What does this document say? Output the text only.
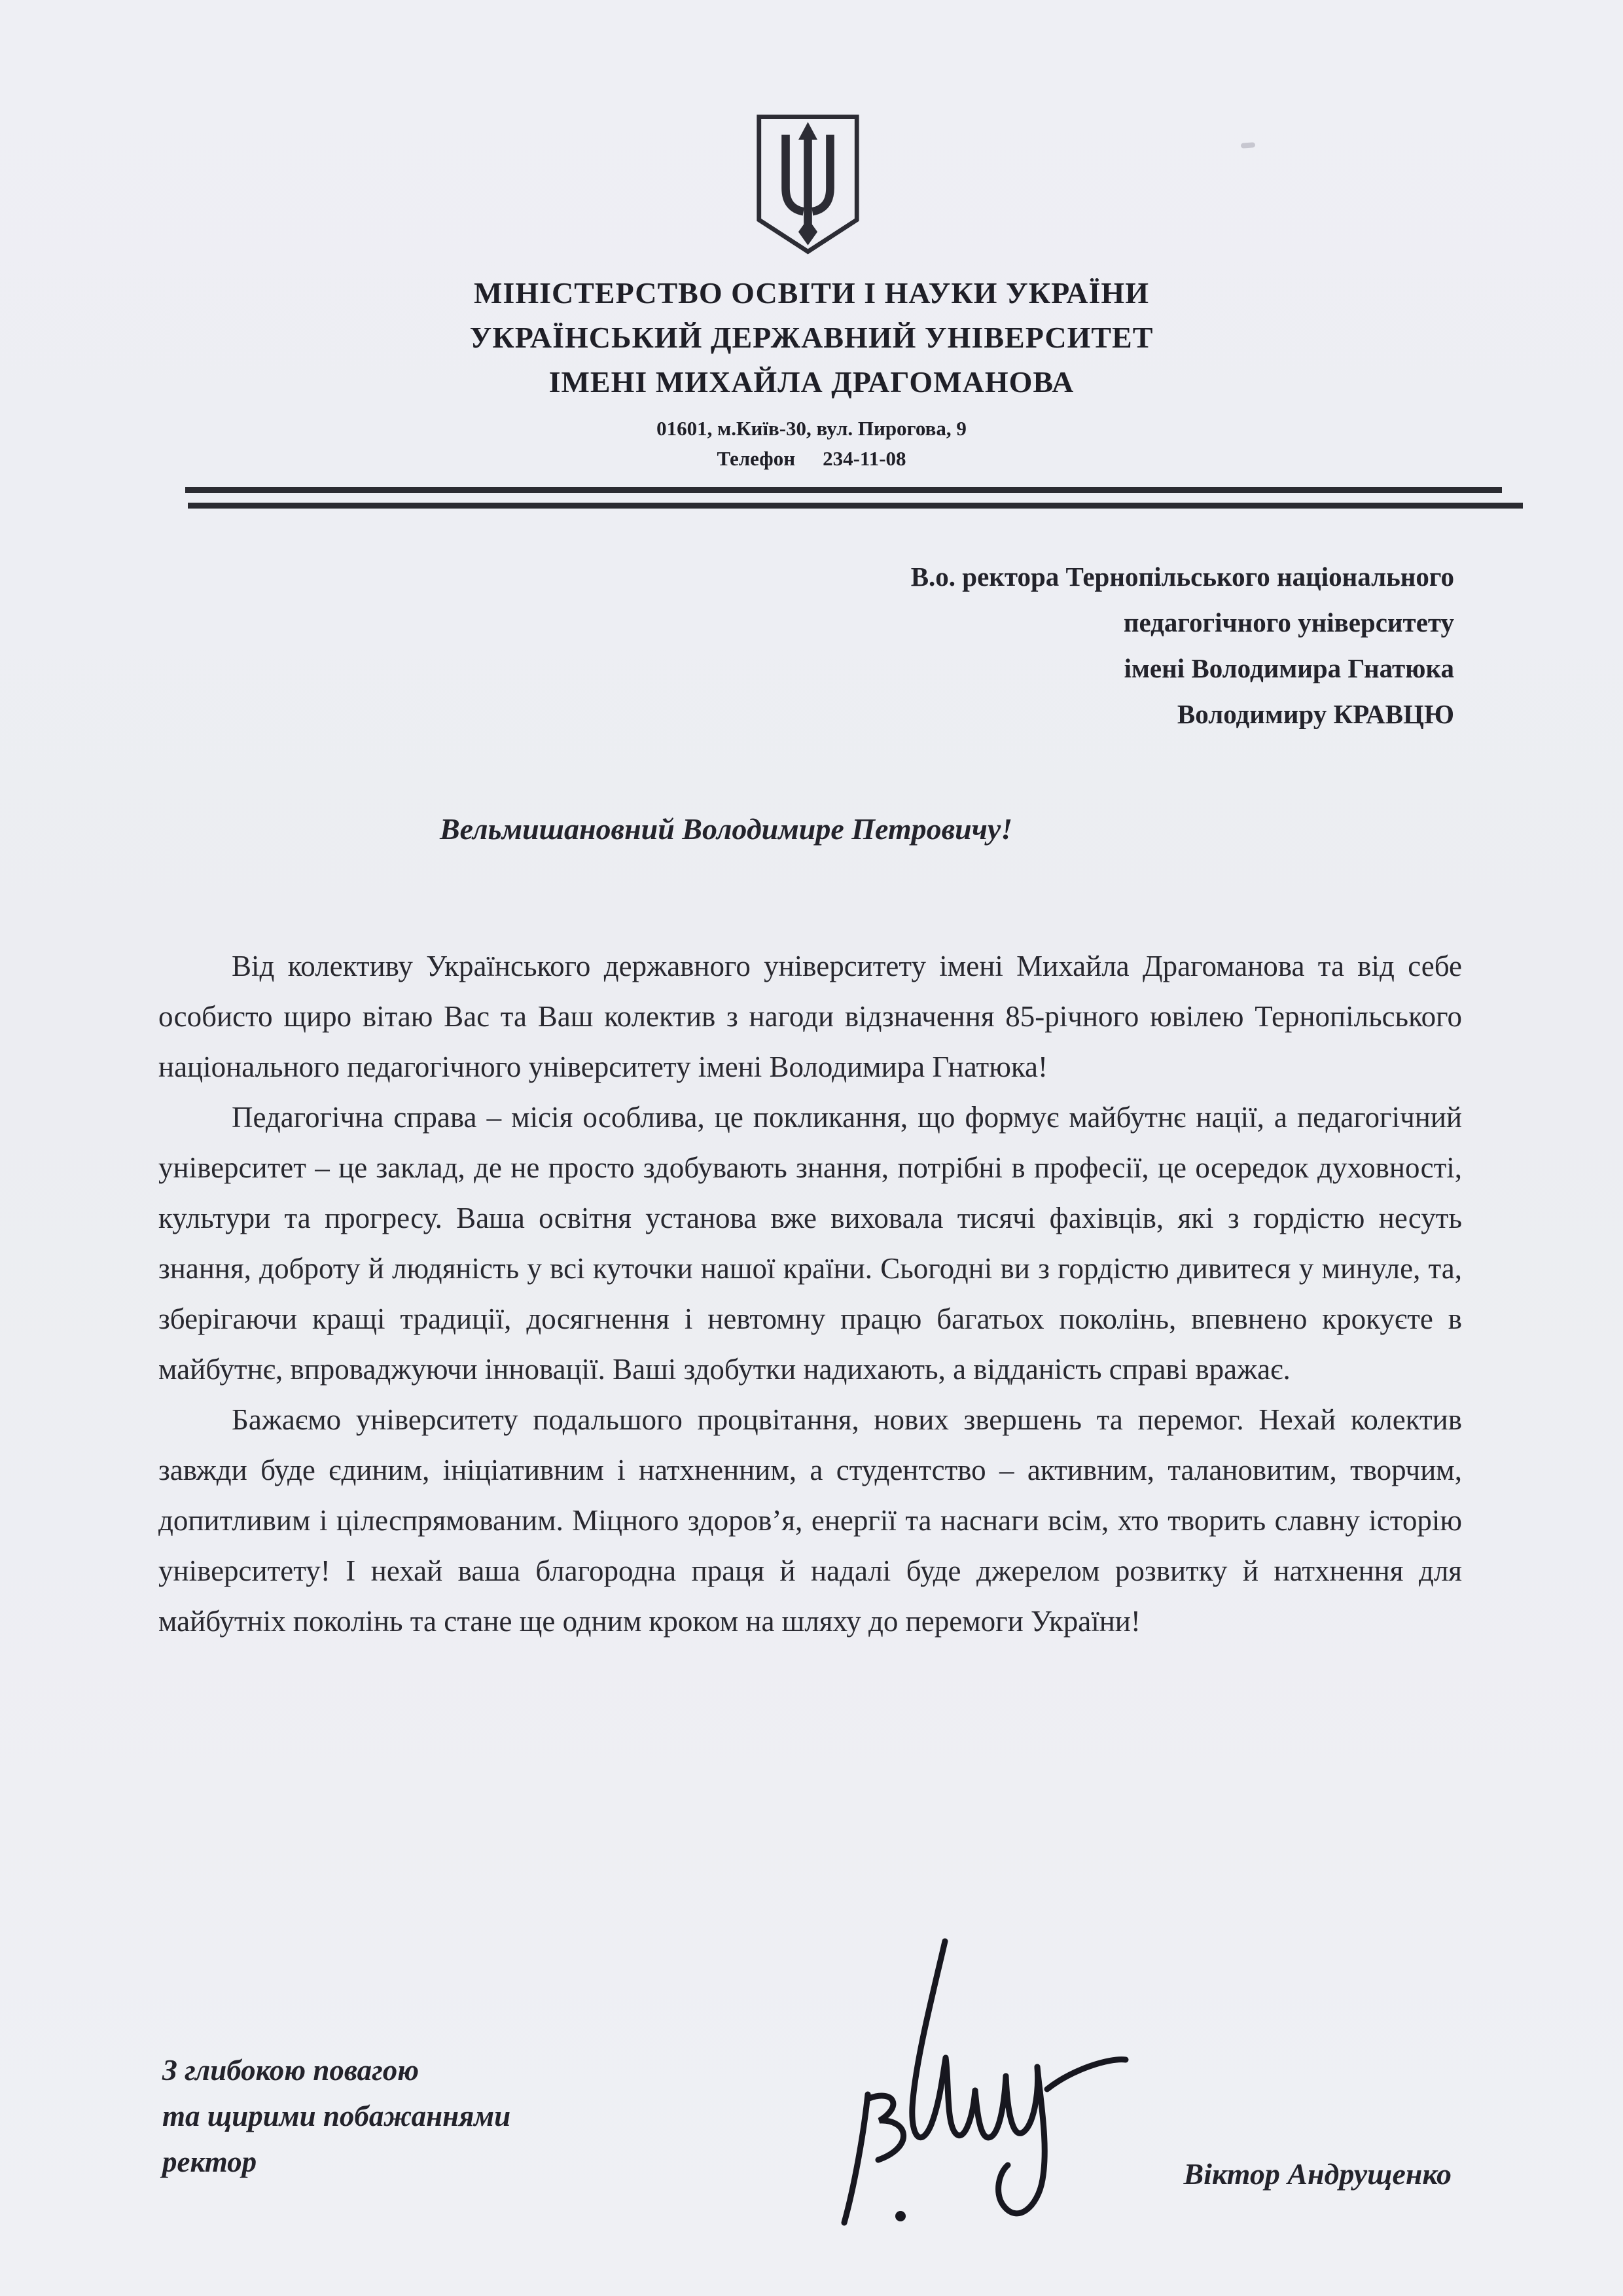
МІНІСТЕРСТВО ОСВІТИ І НАУКИ УКРАЇНИ
УКРАЇНСЬКИЙ ДЕРЖАВНИЙ УНІВЕРСИТЕТ
ІМЕНІ МИХАЙЛА ДРАГОМАНОВА
01601, м.Київ-30, вул. Пирогова, 9
Телефон 234-11-08
В.о. ректора Тернопільського національного
педагогічного університету
імені Володимира Гнатюка
Володимиру КРАВЦЮ
Вельмишановний Володимире Петровичу!

Від колективу Українського державного університету імені Михайла Драгоманова та від себе особисто щиро вітаю Вас та Ваш колектив з нагоди відзначення 85-річного ювілею Тернопільського національного педагогічного університету імені Володимира Гнатюка!

Педагогічна справа – місія особлива, це покликання, що формує майбутнє нації, а педагогічний університет – це заклад, де не просто здобувають знання, потрібні в професії, це осередок духовності, культури та прогресу. Ваша освітня установа вже виховала тисячі фахівців, які з гордістю несуть знання, доброту й людяність у всі куточки нашої країни. Сьогодні ви з гордістю дивитеся у минуле, та, зберігаючи кращі традиції, досягнення і невтомну працю багатьох поколінь, впевнено крокуєте в майбутнє, впроваджуючи інновації. Ваші здобутки надихають, а відданість справі вражає.

Бажаємо університету подальшого процвітання, нових звершень та перемог. Нехай колектив завжди буде єдиним, ініціативним і натхненним, а студентство – активним, талановитим, творчим, допитливим і цілеспрямованим. Міцного здоров’я, енергії та наснаги всім, хто творить славну історію університету! І нехай ваша благородна праця й надалі буде джерелом розвитку й натхнення для майбутніх поколінь та стане ще одним кроком на шляху до перемоги України!

З глибокою повагою
та щирими побажаннями
ректор	Віктор Андрущенко
